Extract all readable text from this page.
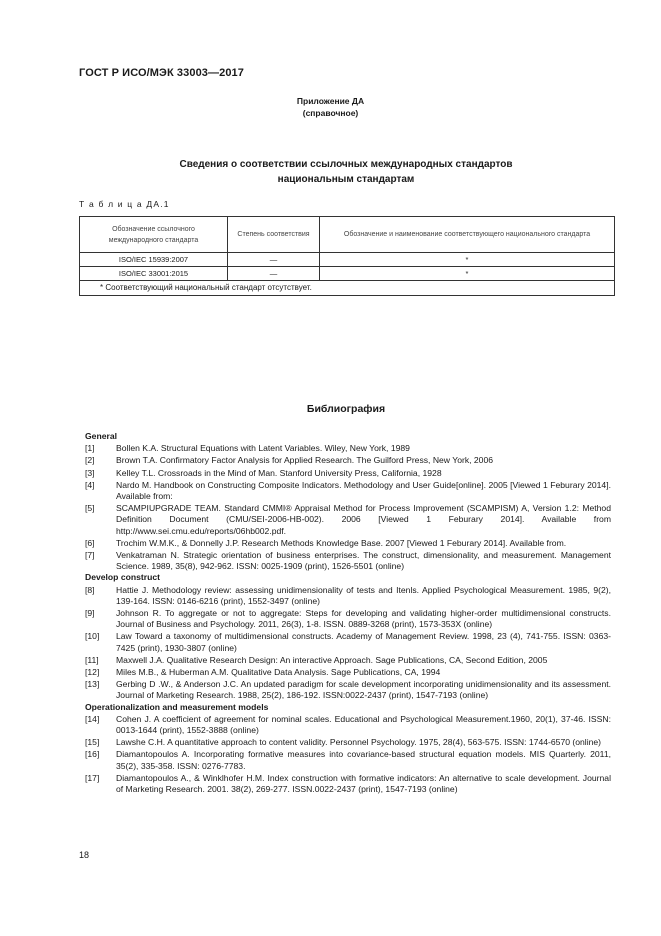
ГОСТ Р ИСО/МЭК 33003—2017
Приложение ДА
(справочное)
Сведения о соответствии ссылочных международных стандартов
национальным стандартам
Т а б л и ц а ДА.1
Обозначение ссылочного международного стандарта	Степень соответствия	Обозначение и наименование соответствующего национального стандарта
ISO/IEC 15939:2007	—	*
ISO/IEC 33001:2015	—	*
* Соответствующий национальный стандарт отсутствует.		
Библиография
General
[1]	Bollen K.A. Structural Equations with Latent Variables. Wiley, New York, 1989
[2]	Brown T.A. Confirmatory Factor Analysis for Applied Research. The Guilford Press, New York, 2006
[3]	Kelley T.L. Crossroads in the Mind of Man. Stanford University Press, California, 1928
[4]	Nardo M. Handbook on Constructing Composite Indicators. Methodology and User Guide[online]. 2005 [Viewed 1 Feburary 2014]. Available from:
[5]	SCAMPIUPGRADE TEAM. Standard CMMI® Appraisal Method for Process Improvement (SCAMPISM) A, Version 1.2: Method Definition Document (CMU/SEI-2006-HB-002). 2006 [Viewed 1 Feburary 2014]. Available from http://www.sei.cmu.edu/reports/06hb002.pdf.
[6]	Trochim W.M.K., & Donnelly J.P. Research Methods Knowledge Base. 2007 [Viewed 1 Feburary 2014]. Available from.
[7]	Venkatraman N. Strategic orientation of business enterprises. The construct, dimensionality, and measurement. Management Science. 1989, 35(8), 942-962. ISSN: 0025-1909 (print), 1526-5501 (online)
Develop construct
[8]	Hattie J. Methodology review: assessing unidimensionality of tests and Itenls. Applied Psychological Measurement. 1985, 9(2), 139-164. ISSN: 0146-6216 (print), 1552-3497 (online)
[9]	Johnson R. To aggregate or not to aggregate: Steps for developing and validating higher-order multidimensional constructs. Journal of Business and Psychology. 2011, 26(3), 1-8. ISSN. 0889-3268 (print), 1573-353X (online)
[10]	Law Toward a taxonomy of multidimensional constructs. Academy of Management Review. 1998, 23 (4), 741-755. ISSN: 0363-7425 (print), 1930-3807 (online)
[11]	Maxwell J.A. Qualitative Research Design: An interactive Approach. Sage Publications, CA, Second Edition, 2005
[12]	Miles M.B., & Huberman A.M. Qualitative Data Analysis. Sage Publications, CA, 1994
[13]	Gerbing D .W., & Anderson J.C. An updated paradigm for scale development incorporating unidimensionality and its assessment. Journal of Marketing Research. 1988, 25(2), 186-192. ISSN:0022-2437 (print), 1547-7193 (online)
Operationalization and measurement models
[14]	Cohen J. A coefficient of agreement for nominal scales. Educational and Psychological Measurement.1960, 20(1), 37-46. ISSN: 0013-1644 (print), 1552-3888 (online)
[15]	Lawshe C.H. A quantitative approach to content validity. Personnel Psychology. 1975, 28(4), 563-575. ISSN: 1744-6570 (online)
[16]	Diamantopoulos A. Incorporating formative measures into covariance-based structural equation models. MIS Quarterly. 2011, 35(2), 335-358. ISSN: 0276-7783.
[17]	Diamantopoulos A., & Winklhofer H.M. Index construction with formative indicators: An alternative to scale development. Journal of Marketing Research. 2001. 38(2), 269-277. ISSN.0022-2437 (print), 1547-7193 (online)
18
